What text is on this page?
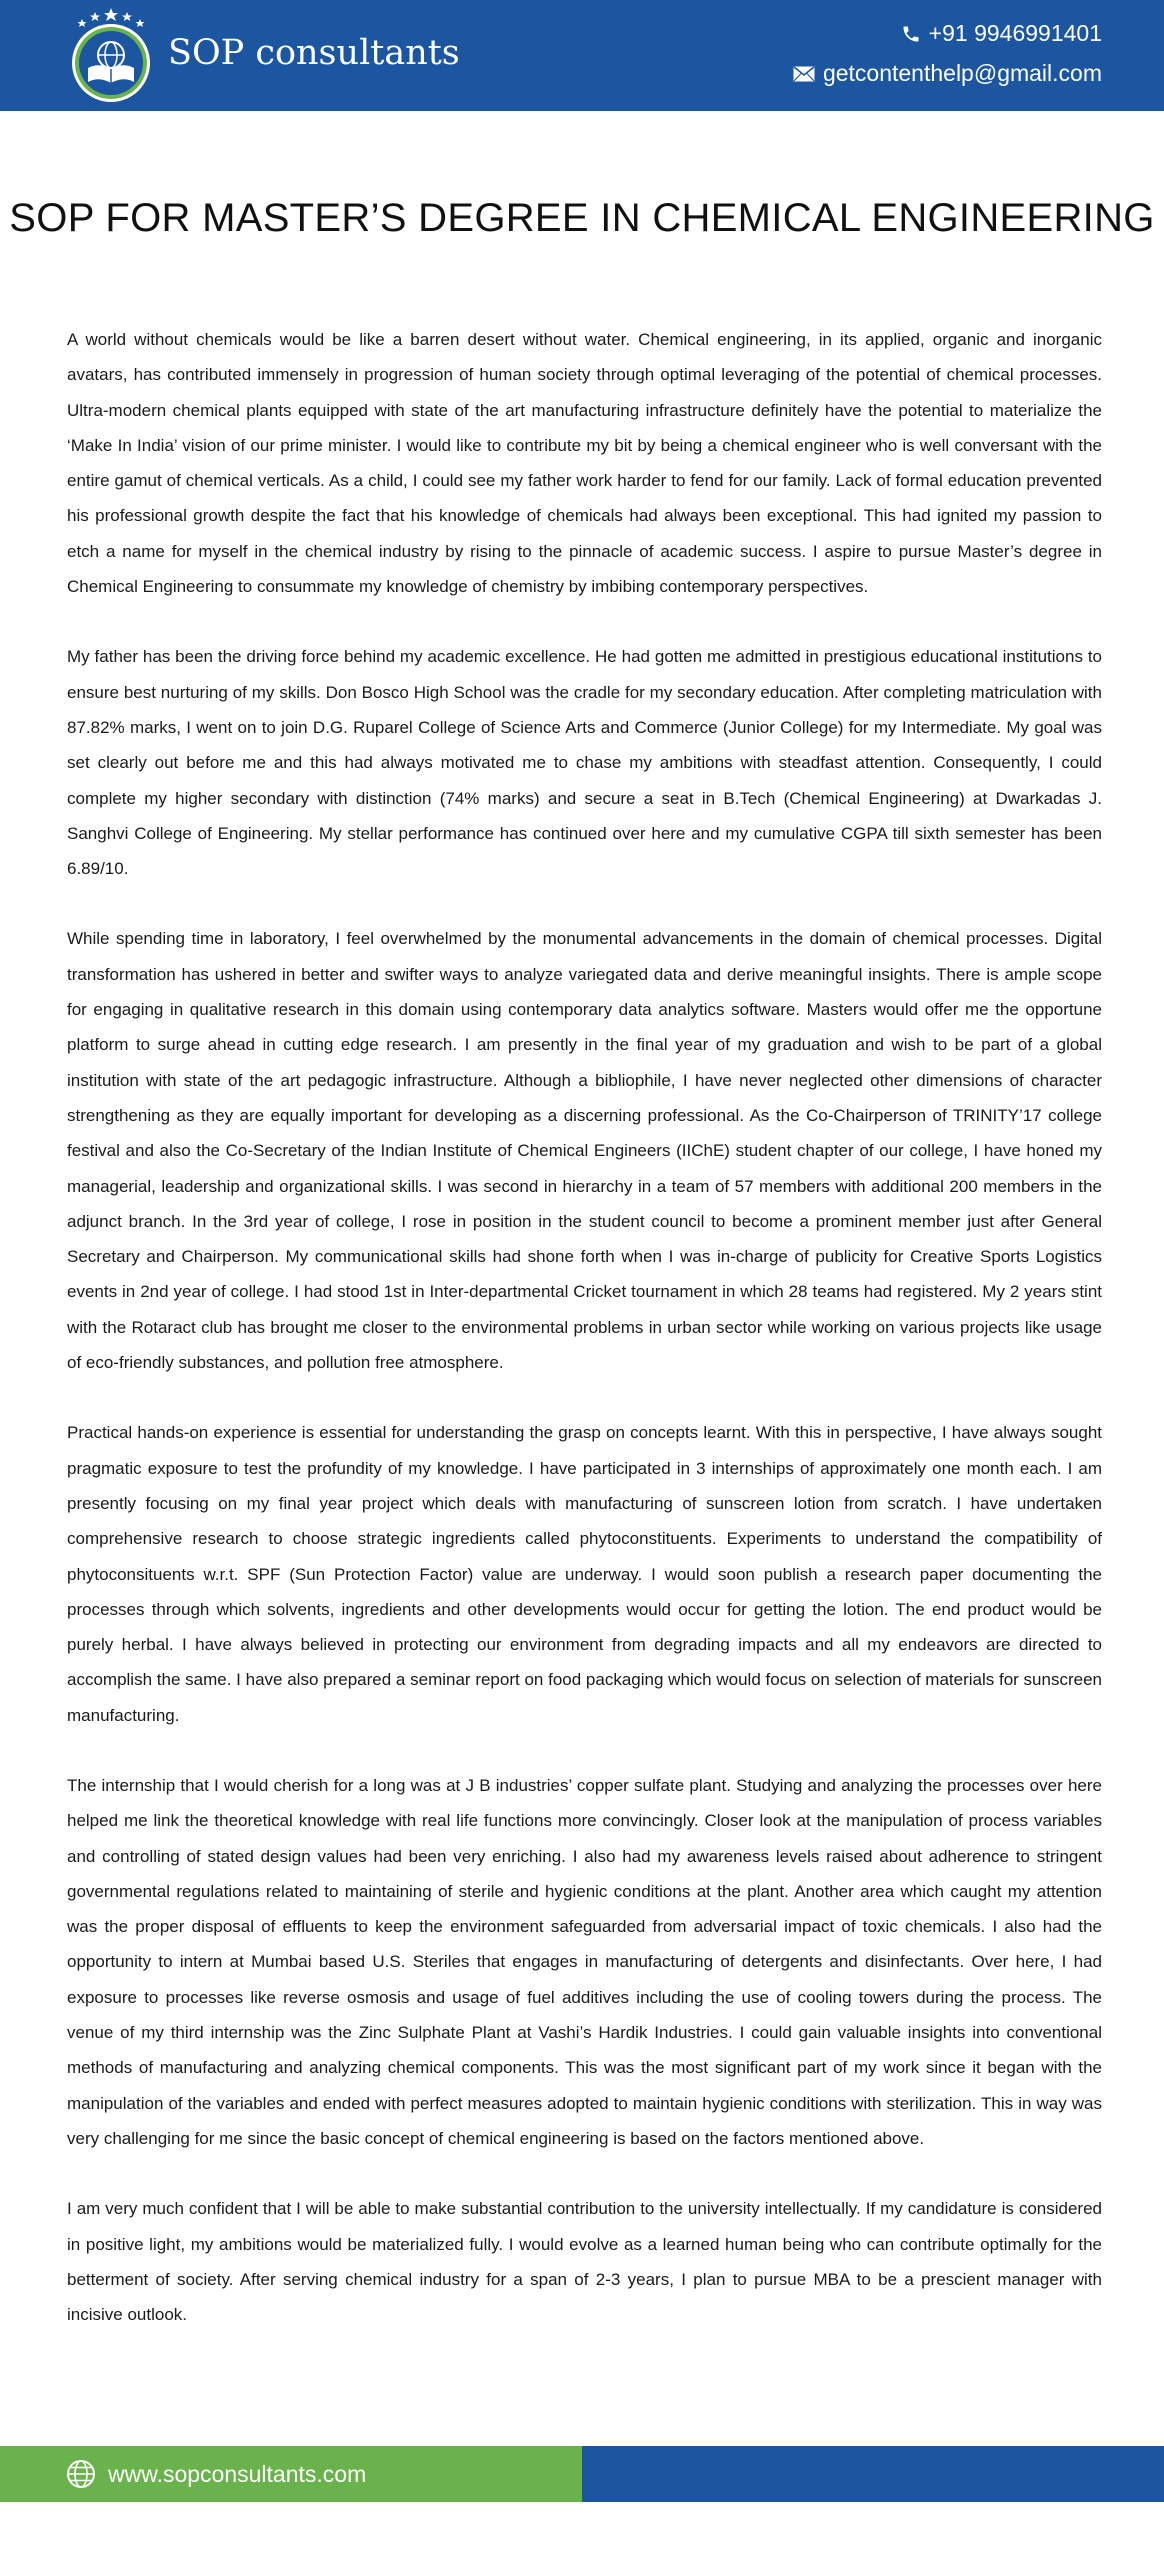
SOP consultants	+91 9946991401
getcontenthelp@gmail.com
SOP FOR MASTER’S DEGREE IN CHEMICAL ENGINEERING

A world without chemicals would be like a barren desert without water. Chemical engineering, in its applied, organic and inorganic avatars, has contributed immensely in progression of human society through optimal leveraging of the potential of chemical processes. Ultra-modern chemical plants equipped with state of the art manufacturing infrastructure definitely have the potential to materialize the ‘Make In India’ vision of our prime minister. I would like to contribute my bit by being a chemical engineer who is well conversant with the entire gamut of chemical verticals. As a child, I could see my father work harder to fend for our family. Lack of formal education prevented his professional growth despite the fact that his knowledge of chemicals had always been exceptional. This had ignited my passion to etch a name for myself in the chemical industry by rising to the pinnacle of academic success. I aspire to pursue Master’s degree in Chemical Engineering to consummate my knowledge of chemistry by imbibing contemporary perspectives.

My father has been the driving force behind my academic excellence. He had gotten me admitted in prestigious educational institutions to ensure best nurturing of my skills. Don Bosco High School was the cradle for my secondary education. After completing matriculation with 87.82% marks, I went on to join D.G. Ruparel College of Science Arts and Commerce (Junior College) for my Intermediate. My goal was set clearly out before me and this had always motivated me to chase my ambitions with steadfast attention. Consequently, I could complete my higher secondary with distinction (74% marks) and secure a seat in B.Tech (Chemical Engineering) at Dwarkadas J. Sanghvi College of Engineering. My stellar performance has continued over here and my cumulative CGPA till sixth semester has been 6.89/10.

While spending time in laboratory, I feel overwhelmed by the monumental advancements in the domain of chemical processes. Digital transformation has ushered in better and swifter ways to analyze variegated data and derive meaningful insights. There is ample scope for engaging in qualitative research in this domain using contemporary data analytics software. Masters would offer me the opportune platform to surge ahead in cutting edge research. I am presently in the final year of my graduation and wish to be part of a global institution with state of the art pedagogic infrastructure. Although a bibliophile, I have never neglected other dimensions of character strengthening as they are equally important for developing as a discerning professional. As the Co-Chairperson of TRINITY’17 college festival and also the Co-Secretary of the Indian Institute of Chemical Engineers (IIChE) student chapter of our college, I have honed my managerial, leadership and organizational skills. I was second in hierarchy in a team of 57 members with additional 200 members in the adjunct branch. In the 3rd year of college, I rose in position in the student council to become a prominent member just after General Secretary and Chairperson. My communicational skills had shone forth when I was in-charge of publicity for Creative Sports Logistics events in 2nd year of college. I had stood 1st in Inter-departmental Cricket tournament in which 28 teams had registered. My 2 years stint with the Rotaract club has brought me closer to the environmental problems in urban sector while working on various projects like usage of eco-friendly substances, and pollution free atmosphere.

Practical hands-on experience is essential for understanding the grasp on concepts learnt. With this in perspective, I have always sought pragmatic exposure to test the profundity of my knowledge. I have participated in 3 internships of approximately one month each. I am presently focusing on my final year project which deals with manufacturing of sunscreen lotion from scratch. I have undertaken comprehensive research to choose strategic ingredients called phytoconstituents. Experiments to understand the compatibility of phytoconsituents w.r.t. SPF (Sun Protection Factor) value are underway. I would soon publish a research paper documenting the processes through which solvents, ingredients and other developments would occur for getting the lotion. The end product would be purely herbal. I have always believed in protecting our environment from degrading impacts and all my endeavors are directed to accomplish the same. I have also prepared a seminar report on food packaging which would focus on selection of materials for sunscreen manufacturing.

The internship that I would cherish for a long was at J B industries’ copper sulfate plant. Studying and analyzing the processes over here helped me link the theoretical knowledge with real life functions more convincingly. Closer look at the manipulation of process variables and controlling of stated design values had been very enriching. I also had my awareness levels raised about adherence to stringent governmental regulations related to maintaining of sterile and hygienic conditions at the plant. Another area which caught my attention was the proper disposal of effluents to keep the environment safeguarded from adversarial impact of toxic chemicals. I also had the opportunity to intern at Mumbai based U.S. Steriles that engages in manufacturing of detergents and disinfectants. Over here, I had exposure to processes like reverse osmosis and usage of fuel additives including the use of cooling towers during the process. The venue of my third internship was the Zinc Sulphate Plant at Vashi’s Hardik Industries. I could gain valuable insights into conventional methods of manufacturing and analyzing chemical components. This was the most significant part of my work since it began with the manipulation of the variables and ended with perfect measures adopted to maintain hygienic conditions with sterilization. This in way was very challenging for me since the basic concept of chemical engineering is based on the factors mentioned above.

I am very much confident that I will be able to make substantial contribution to the university intellectually. If my candidature is considered in positive light, my ambitions would be materialized fully. I would evolve as a learned human being who can contribute optimally for the betterment of society. After serving chemical industry for a span of 2-3 years, I plan to pursue MBA to be a prescient manager with incisive outlook.

www.sopconsultants.com
